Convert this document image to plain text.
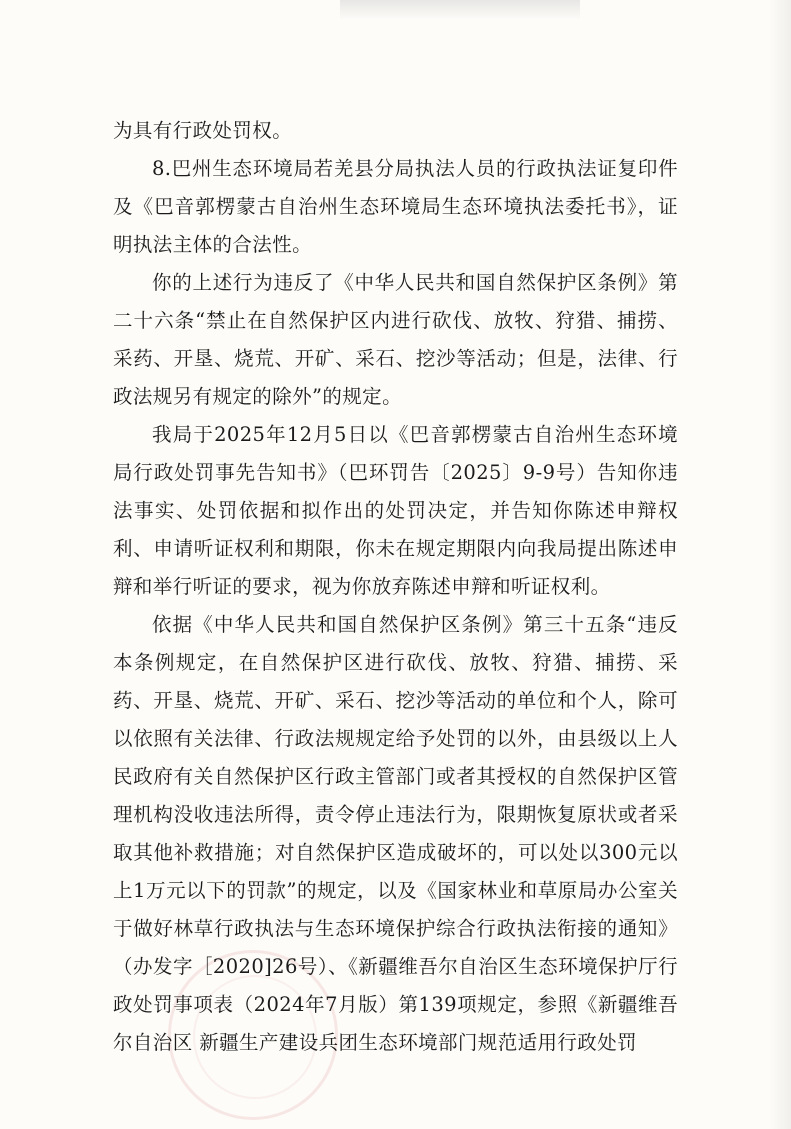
为具有行政处罚权。

8.巴州生态环境局若羌县分局执法人员的行政执法证复印件及《巴音郭楞蒙古自治州生态环境局生态环境执法委托书》，证明执法主体的合法性。

你的上述行为违反了《中华人民共和国自然保护区条例》第二十六条“禁止在自然保护区内进行砍伐、放牧、狩猎、捕捞、采药、开垦、烧荒、开矿、采石、挖沙等活动；但是，法律、行政法规另有规定的除外”的规定。

我局于2025年12月5日以《巴音郭楞蒙古自治州生态环境局行政处罚事先告知书》（巴环罚告〔2025〕9-9号）告知你违法事实、处罚依据和拟作出的处罚决定，并告知你陈述申辩权利、申请听证权利和期限，你未在规定期限内向我局提出陈述申辩和举行听证的要求，视为你放弃陈述申辩和听证权利。

依据《中华人民共和国自然保护区条例》第三十五条“违反本条例规定，在自然保护区进行砍伐、放牧、狩猎、捕捞、采药、开垦、烧荒、开矿、采石、挖沙等活动的单位和个人，除可以依照有关法律、行政法规规定给予处罚的以外，由县级以上人民政府有关自然保护区行政主管部门或者其授权的自然保护区管理机构没收违法所得，责令停止违法行为，限期恢复原状或者采取其他补救措施；对自然保护区造成破坏的，可以处以300元以上1万元以下的罚款”的规定，以及《国家林业和草原局办公室关于做好林草行政执法与生态环境保护综合行政执法衔接的通知》（办发字［2020]26号）、《新疆维吾尔自治区生态环境保护厅行政处罚事项表（2024年7月版）第139项规定，参照《新疆维吾尔自治区 新疆生产建设兵团生态环境部门规范适用行政处罚
